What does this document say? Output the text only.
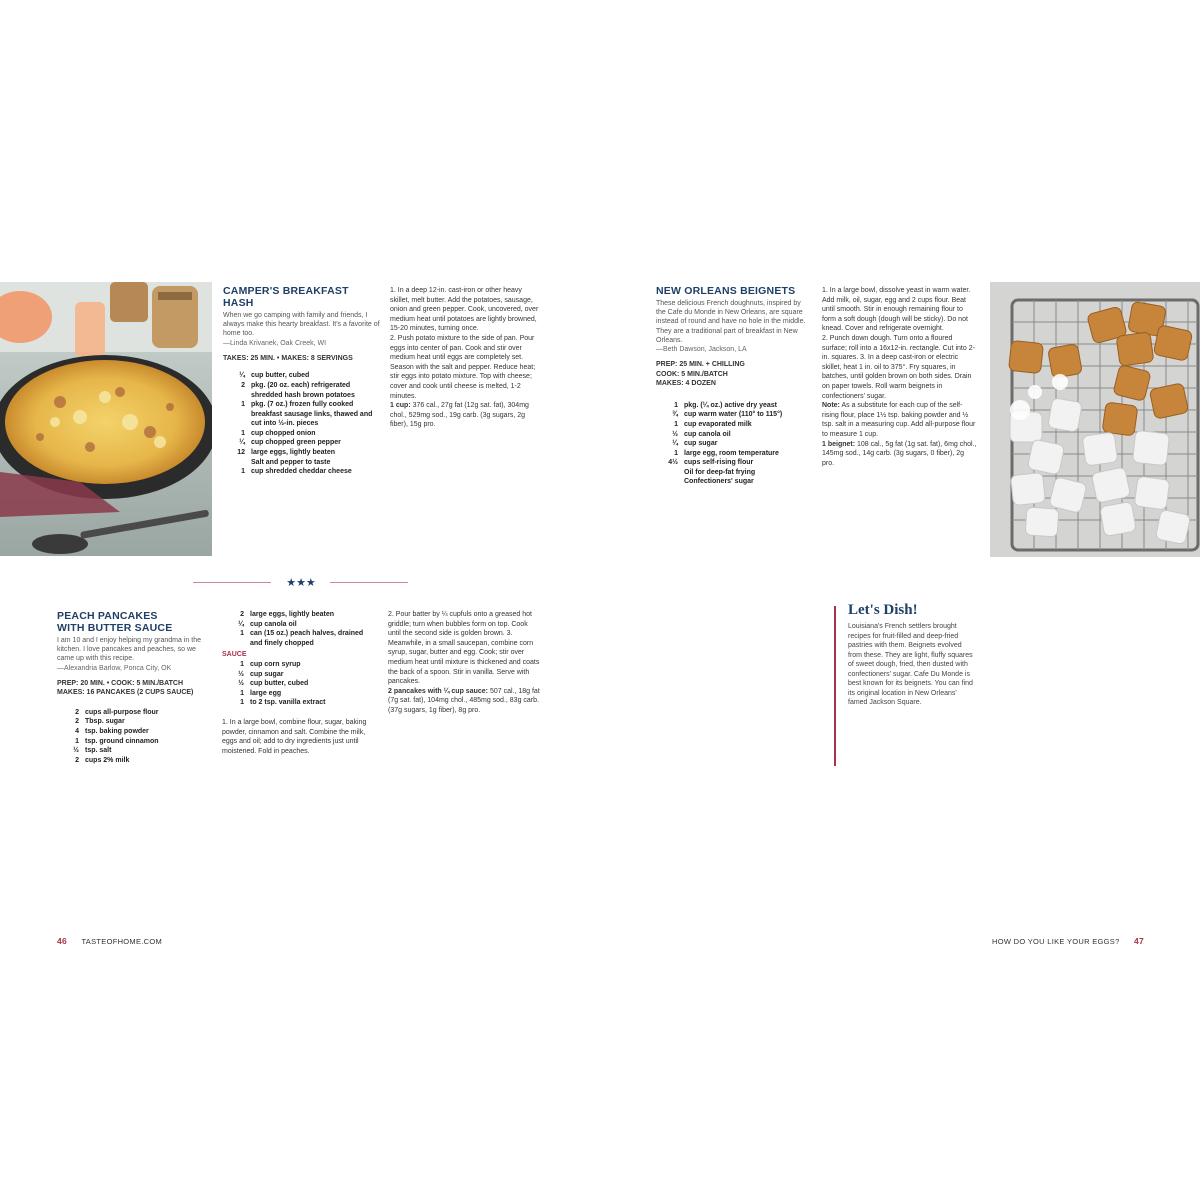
CAMPER'S BREAKFAST HASH
When we go camping with family and friends, I always make this hearty breakfast. It's a favorite of home too.
—Linda Krivanek, Oak Creek, WI
TAKES: 25 MIN. • MAKES: 8 SERVINGS
¼ cup butter, cubed
2 pkg. (20 oz. each) refrigerated shredded hash brown potatoes
1 pkg. (7 oz.) frozen fully cooked breakfast sausage links, thawed and cut into ½-in. pieces
1 cup chopped onion
¼ cup chopped green pepper
12 large eggs, lightly beaten
Salt and pepper to taste
1 cup shredded cheddar cheese

1. In a deep 12-in. cast-iron or other heavy skillet, melt butter. Add the potatoes, sausage, onion and green pepper. Cook, uncovered, over medium heat until potatoes are lightly browned, 15-20 minutes, turning once.

2. Push potato mixture to the side of pan. Pour eggs into center of pan. Cook and stir over medium heat until eggs are completely set. Season with the salt and pepper. Reduce heat; stir eggs into potato mixture. Top with cheese; cover and cook until cheese is melted, 1-2 minutes.

1 cup: 376 cal., 27g fat (12g sat. fat), 304mg chol., 529mg sod., 19g carb. (3g sugars, 2g fiber), 15g pro.
★★★
PEACH PANCAKES
WITH BUTTER SAUCE
I am 10 and I enjoy helping my grandma in the kitchen. I love pancakes and peaches, so we came up with this recipe.
—Alexandria Barlow, Ponca City, OK
PREP: 20 MIN. • COOK: 5 MIN./BATCH
MAKES: 16 PANCAKES (2 CUPS SAUCE)
2 cups all-purpose flour
2 Tbsp. sugar
4 tsp. baking powder
1 tsp. ground cinnamon
½ tsp. salt
2 cups 2% milk
2 large eggs, lightly beaten
¼ cup canola oil
1 can (15 oz.) peach halves, drained and finely chopped
SAUCE
1 cup corn syrup
½ cup sugar
½ cup butter, cubed
1 large egg
1 to 2 tsp. vanilla extract
1. In a large bowl, combine flour, sugar, baking powder, cinnamon and salt. Combine the milk, eggs and oil; add to dry ingredients just until moistened. Fold in peaches.

2. Pour batter by ¼ cupfuls onto a greased hot griddle; turn when bubbles form on top. Cook until the second side is golden brown. 3. Meanwhile, in a small saucepan, combine corn syrup, sugar, butter and egg. Cook; stir over medium heat until mixture is thickened and coats the back of a spoon. Stir in vanilla. Serve with pancakes.

2 pancakes with ¼ cup sauce: 507 cal., 18g fat (7g sat. fat), 104mg chol., 485mg sod., 83g carb. (37g sugars, 1g fiber), 8g pro.
NEW ORLEANS BEIGNETS
These delicious French doughnuts, inspired by the Cafe du Monde in New Orleans, are square instead of round and have no hole in the middle. They are a traditional part of breakfast in New Orleans.
—Beth Dawson, Jackson, LA
PREP: 25 MIN. + CHILLING
COOK: 5 MIN./BATCH
MAKES: 4 DOZEN
1 pkg. (¼ oz.) active dry yeast
¾ cup warm water (110° to 115°)
1 cup evaporated milk
½ cup canola oil
¼ cup sugar
1 large egg, room temperature
4½ cups self-rising flour
Oil for deep-fat frying
Confectioners' sugar

1. In a large bowl, dissolve yeast in warm water. Add milk, oil, sugar, egg and 2 cups flour. Beat until smooth. Stir in enough remaining flour to form a soft dough (dough will be sticky). Do not knead. Cover and refrigerate overnight.

2. Punch down dough. Turn onto a floured surface; roll into a 16x12-in. rectangle. Cut into 2-in. squares. 3. In a deep cast-iron or electric skillet, heat 1 in. oil to 375°. Fry squares, in batches, until golden brown on both sides. Drain on paper towels. Roll warm beignets in confectioners' sugar.

Note: As a substitute for each cup of the self-rising flour, place 1½ tsp. baking powder and ½ tsp. salt in a measuring cup. Add all-purpose flour to measure 1 cup.
1 beignet: 108 cal., 5g fat (1g sat. fat), 6mg chol., 145mg sod., 14g carb. (3g sugars, 0 fiber), 2g pro.
Let's Dish!
Louisiana's French settlers brought recipes for fruit-filled and deep-fried pastries with them. Beignets evolved from these. They are light, fluffy squares of sweet dough, fried, then dusted with confectioners' sugar. Cafe Du Monde is best known for its beignets. You can find its original location in New Orleans' famed Jackson Square.
46 TASTEOFHOME.COM	HOW DO YOU LIKE YOUR EGGS? 47
